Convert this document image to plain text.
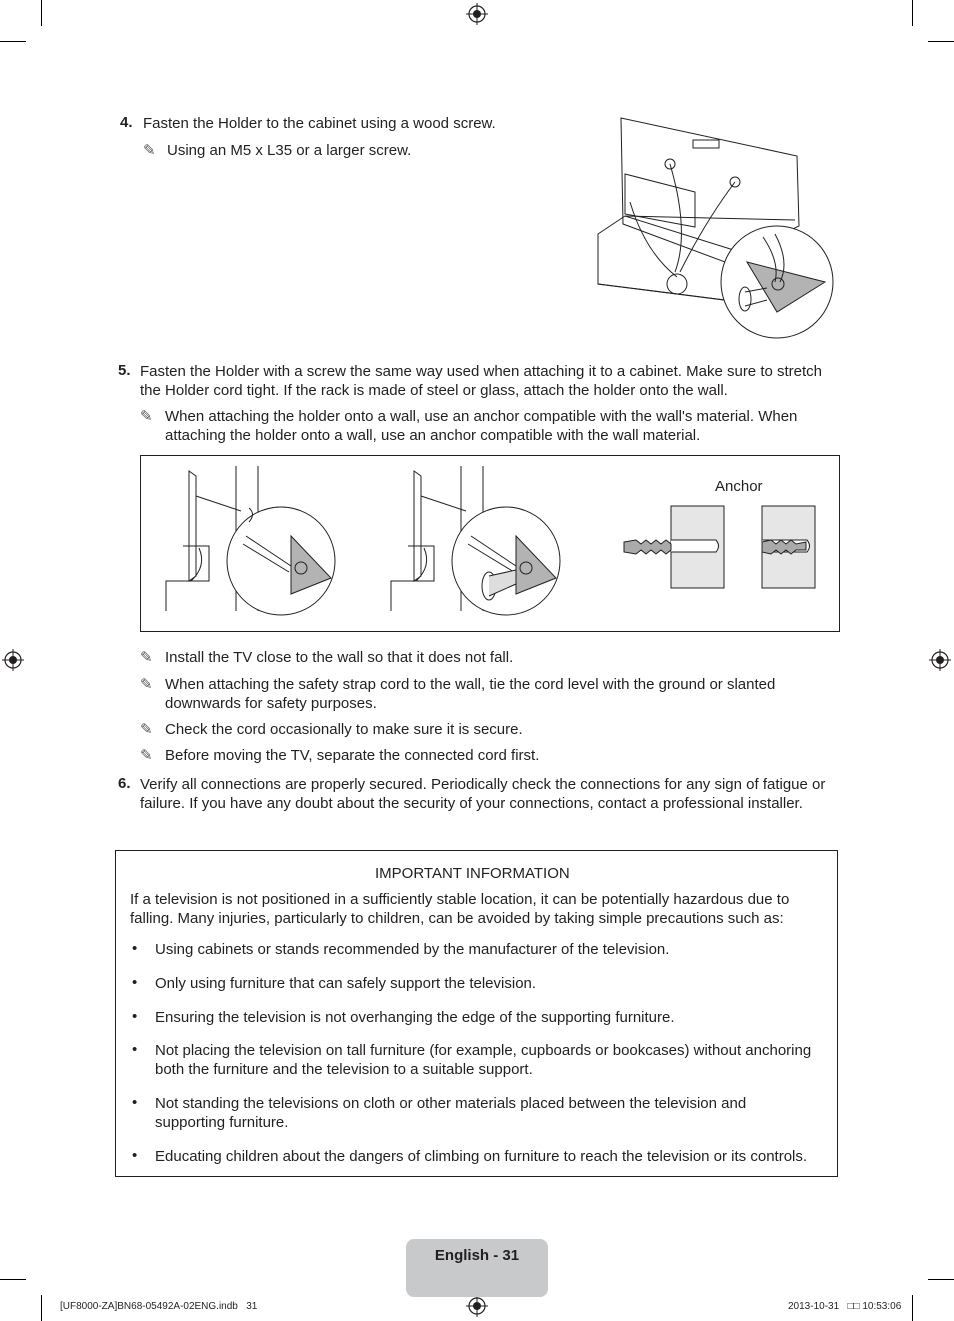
4. Fasten the Holder to the cabinet using a wood screw.
✎ Using an M5 x L35 or a larger screw.
5. Fasten the Holder with a screw the same way used when attaching it to a cabinet. Make sure to stretch
the Holder cord tight. If the rack is made of steel or glass, attach the holder onto the wall.
✎ When attaching the holder onto a wall, use an anchor compatible with the wall's material. When
attaching the holder onto a wall, use an anchor compatible with the wall material.
Anchor
✎ Install the TV close to the wall so that it does not fall.
✎ When attaching the safety strap cord to the wall, tie the cord level with the ground or slanted
downwards for safety purposes.
✎ Check the cord occasionally to make sure it is secure.
✎ Before moving the TV, separate the connected cord first.
6. Verify all connections are properly secured. Periodically check the connections for any sign of fatigue or
failure. If you have any doubt about the security of your connections, contact a professional installer.
IMPORTANT INFORMATION
If a television is not positioned in a sufficiently stable location, it can be potentially hazardous due to
falling. Many injuries, particularly to children, can be avoided by taking simple precautions such as:
• Using cabinets or stands recommended by the manufacturer of the television.
• Only using furniture that can safely support the television.
• Ensuring the television is not overhanging the edge of the supporting furniture.
• Not placing the television on tall furniture (for example, cupboards or bookcases) without anchoring
both the furniture and the television to a suitable support.
• Not standing the televisions on cloth or other materials placed between the television and
supporting furniture.
• Educating children about the dangers of climbing on furniture to reach the television or its controls.
English - 31
[UF8000-ZA]BN68-05492A-02ENG.indb   31	2013-10-31   □□ 10:53:06
